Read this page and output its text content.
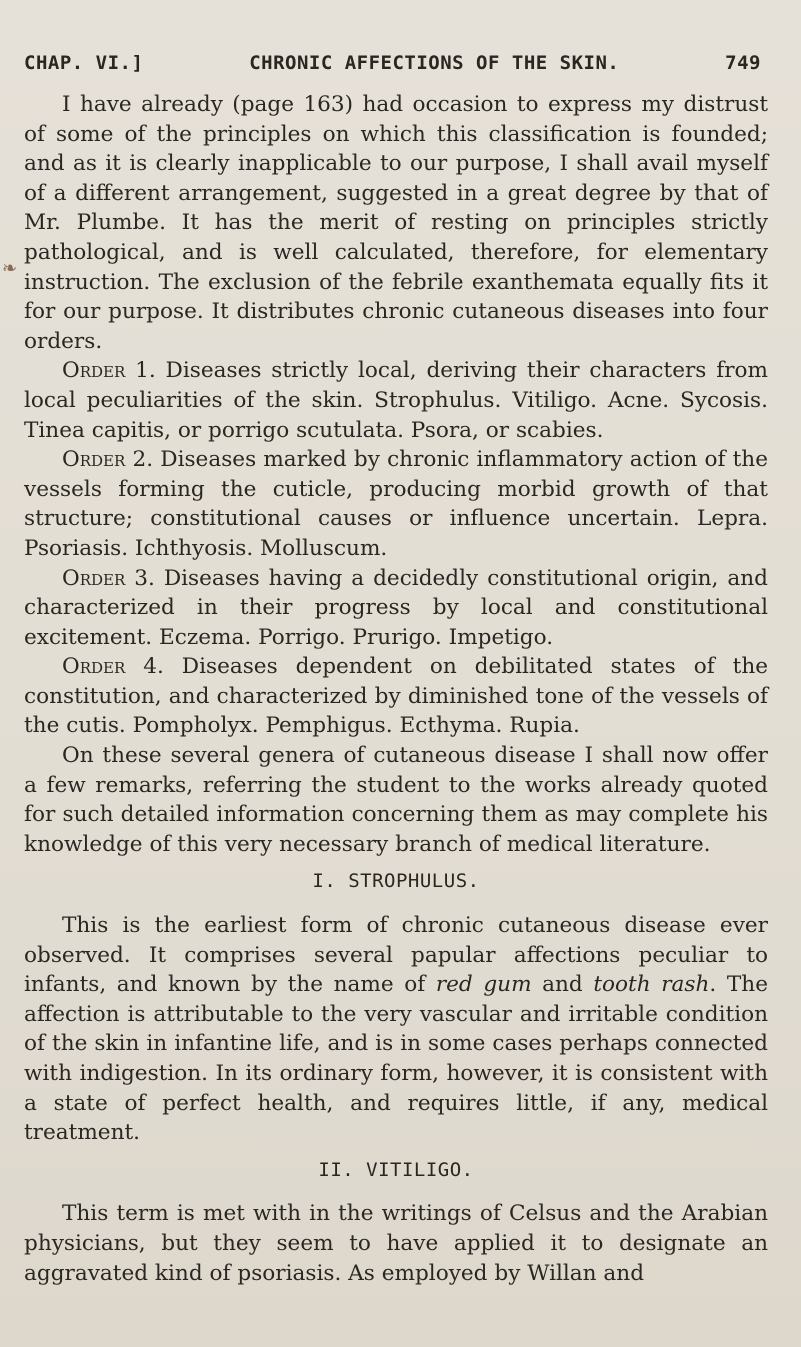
❧
CHAP. VI.]	CHRONIC AFFECTIONS OF THE SKIN.	749

I have already (page 163) had occasion to express my distrust of some of the principles on which this classification is founded; and as it is clearly inapplicable to our purpose, I shall avail myself of a different arrangement, suggested in a great degree by that of Mr. Plumbe. It has the merit of resting on principles strictly pathological, and is well calculated, therefore, for elementary instruction. The exclusion of the febrile exanthemata equally fits it for our purpose. It distributes chronic cutaneous diseases into four orders.

Order 1. Diseases strictly local, deriving their characters from local peculiarities of the skin. Strophulus. Vitiligo. Acne. Sycosis. Tinea capitis, or porrigo scutulata. Psora, or scabies.

Order 2. Diseases marked by chronic inflammatory action of the vessels forming the cuticle, producing morbid growth of that structure; constitutional causes or influence uncertain. Lepra. Psoriasis. Ichthyosis. Molluscum.

Order 3. Diseases having a decidedly constitutional origin, and characterized in their progress by local and constitutional excitement. Eczema. Porrigo. Prurigo. Impetigo.

Order 4. Diseases dependent on debilitated states of the constitution, and characterized by diminished tone of the vessels of the cutis. Pompholyx. Pemphigus. Ecthyma. Rupia.

On these several genera of cutaneous disease I shall now offer a few remarks, referring the student to the works already quoted for such detailed information concerning them as may complete his knowledge of this very necessary branch of medical literature.

I. STROPHULUS.

This is the earliest form of chronic cutaneous disease ever observed. It comprises several papular affections peculiar to infants, and known by the name of red gum and tooth rash. The affection is attributable to the very vascular and irritable condition of the skin in infantine life, and is in some cases perhaps connected with indigestion. In its ordinary form, however, it is consistent with a state of perfect health, and requires little, if any, medical treatment.

II. VITILIGO.

This term is met with in the writings of Celsus and the Arabian physicians, but they seem to have applied it to designate an aggravated kind of psoriasis. As employed by Willan and
